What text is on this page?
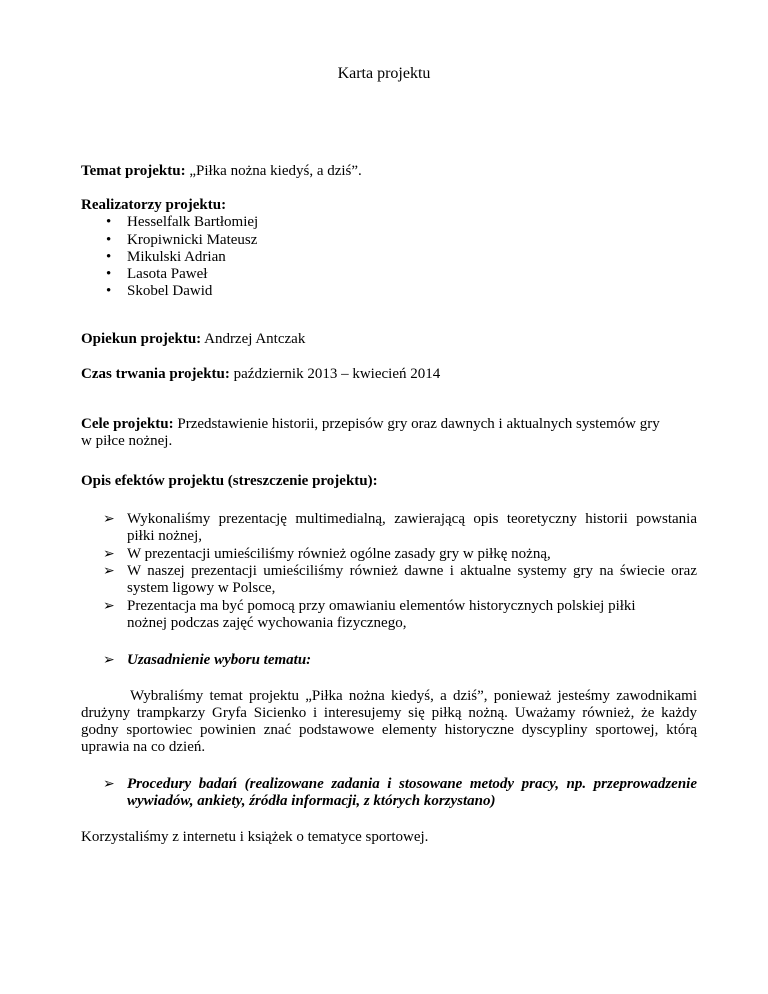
Karta projektu
Temat projektu: „Piłka nożna kiedyś, a dziś”.
Realizatorzy projektu:
• Hesselfalk Bartłomiej
• Kropiwnicki Mateusz
• Mikulski Adrian
• Lasota Paweł
• Skobel Dawid
Opiekun projektu: Andrzej Antczak
Czas trwania projektu: październik 2013 – kwiecień 2014
Cele projektu: Przedstawienie historii, przepisów gry oraz dawnych i aktualnych systemów gry
w piłce nożnej.
Opis efektów projektu (streszczenie projektu):
➢ Wykonaliśmy prezentację multimedialną, zawierającą opis teoretyczny historii powstania
piłki nożnej,
➢ W prezentacji umieściliśmy również ogólne zasady gry w piłkę nożną,
➢ W naszej prezentacji umieściliśmy również dawne i aktualne systemy gry na świecie oraz
system ligowy w Polsce,
➢ Prezentacja ma być pomocą przy omawianiu elementów historycznych polskiej piłki
nożnej podczas zajęć wychowania fizycznego,
➢ Uzasadnienie wyboru tematu:
Wybraliśmy temat projektu „Piłka nożna kiedyś, a dziś”, ponieważ jesteśmy zawodnikami
drużyny trampkarzy Gryfa Sicienko i interesujemy się piłką nożną. Uważamy również, że każdy
godny sportowiec powinien znać podstawowe elementy historyczne dyscypliny sportowej, którą
uprawia na co dzień.
➢ Procedury badań (realizowane zadania i stosowane metody pracy, np. przeprowadzenie
wywiadów, ankiety, źródła informacji, z których korzystano)
Korzystaliśmy z internetu i książek o tematyce sportowej.
